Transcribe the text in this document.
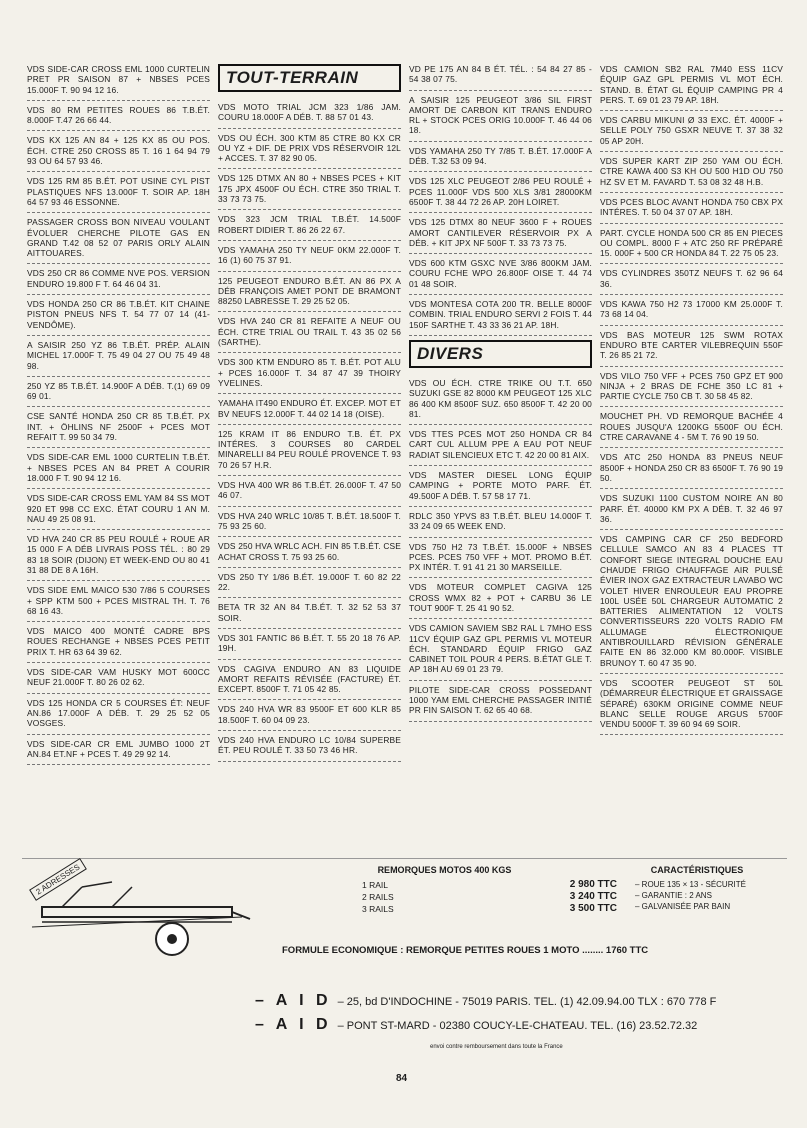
VDS SIDE-CAR CROSS EML 1000 CURTELIN PRET PR SAISON 87 + NBSES PCES 15.000F T. 90 94 12 16.
VDS 80 RM PETITES ROUES 86 T.B.ÉT. 8.000F T.47 26 66 44.
VDS KX 125 AN 84 + 125 KX 85 OU POS. ÉCH. CTRE 250 CROSS 85 T. 16 1 64 94 79 93 OU 64 57 93 46.
VDS 125 RM 85 B.ÉT. POT USINE CYL PIST PLASTIQUES NFS 13.000F T. SOIR AP. 18H 64 57 93 46 ESSONNE.
PASSAGER CROSS BON NIVEAU VOULANT ÉVOLUER CHERCHE PILOTE GAS EN GRAND T.42 08 52 07 PARIS ORLY ALAIN AITTOUARES.
VDS 250 CR 86 COMME NVE POS. VERSION ENDURO 19.800 F T. 64 46 04 31.
VDS HONDA 250 CR 86 T.B.ÉT. KIT CHAINE PISTON PNEUS NFS T. 54 77 07 14 (41-VENDÔME).
A SAISIR 250 YZ 86 T.B.ÉT. PRÉP. ALAIN MICHEL 17.000F T. 75 49 04 27 OU 75 49 48 98.
250 YZ 85 T.B.ÉT. 14.900F A DÉB. T.(1) 69 09 69 01.
CSE SANTÉ HONDA 250 CR 85 T.B.ÉT. PX INT. + ÖHLINS NF 2500F + PCES MOT REFAIT T. 99 50 34 79.
VDS SIDE-CAR EML 1000 CURTELIN T.B.ÉT. + NBSES PCES AN 84 PRET A COURIR 18.000 F T. 90 94 12 16.
VDS SIDE-CAR CROSS EML YAM 84 SS MOT 920 ET 998 CC EXC. ÉTAT COURU 1 AN M. NAU 49 25 08 91.
VD HVA 240 CR 85 PEU ROULÉ + ROUE AR 15 000 F A DÉB LIVRAIS POSS TÉL. : 80 29 83 18 SOIR (DIJON) ET WEEK-END OU 80 41 31 88 DE 8 A 16H.
VDS SIDE EML MAICO 530 7/86 5 COURSES + SPP KTM 500 + PCES MISTRAL TH. T. 76 68 16 43.
VDS MAICO 400 MONTÉ CADRE BPS ROUES RECHANGE + NBSES PCES PETIT PRIX T. HR 63 64 39 62.
VDS SIDE-CAR VAM HUSKY MOT 600CC NEUF 21.000F T. 80 26 02 62.
VDS 125 HONDA CR 5 COURSES ÉT: NEUF AN.86 17.000F A DÉB. T. 29 25 52 05 VOSGES.
VDS SIDE-CAR CR EML JUMBO 1000 2T AN.84 ET.NF + PCES T. 49 29 92 14.
TOUT-TERRAIN
VDS MOTO TRIAL JCM 323 1/86 JAM. COURU 18.000F A DÉB. T. 88 57 01 43.
VDS OU ÉCH. 300 KTM 85 CTRE 80 KX CR OU YZ + DIF. DE PRIX VDS RÉSERVOIR 12L + ACCES. T. 37 82 90 05.
VDS 125 DTMX AN 80 + NBSES PCES + KIT 175 JPX 4500F OU ÉCH. CTRE 350 TRIAL T. 33 73 73 75.
VDS 323 JCM TRIAL T.B.ÉT. 14.500F ROBERT DIDIER T. 86 26 22 67.
VDS YAMAHA 250 TY NEUF 0KM 22.000F T. 16 (1) 60 75 37 91.
125 PEUGEOT ENDURO B.ÉT. AN 86 PX A DÉB FRANÇOIS AMET PONT DE BRAMONT 88250 LABRESSE T. 29 25 52 05.
VDS HVA 240 CR 81 REFAITE A NEUF OU ÉCH. CTRE TRIAL OU TRAIL T. 43 35 02 56 (SARTHE).
VDS 300 KTM ENDURO 85 T. B.ÉT. POT ALU + PCES 16.000F T. 34 87 47 39 THOIRY YVELINES.
YAMAHA IT490 ENDURO ÉT. EXCEP. MOT ET BV NEUFS 12.000F T. 44 02 14 18 (OISE).
125 KRAM IT 86 ENDURO T.B. ÉT. PX INTÉRES. 3 COURSES 80 CARDEL MINARELLI 84 PEU ROULÉ PROVENCE T. 93 70 26 57 H.R.
VDS HVA 400 WR 86 T.B.ÉT. 26.000F T. 47 50 46 07.
VDS HVA 240 WRLC 10/85 T. B.ÉT. 18.500F T. 75 93 25 60.
VDS 250 HVA WRLC ACH. FIN 85 T.B.ÉT. CSE ACHAT CROSS T. 75 93 25 60.
VDS 250 TY 1/86 B.ÉT. 19.000F T. 60 82 22 22.
BETA TR 32 AN 84 T.B.ÉT. T. 32 52 53 37 SOIR.
VDS 301 FANTIC 86 B.ÉT. T. 55 20 18 76 AP. 19H.
VDS CAGIVA ENDURO AN 83 LIQUIDE AMORT REFAITS RÉVISÉE (FACTURE) ÉT. EXCEPT. 8500F T. 71 05 42 85.
VDS 240 HVA WR 83 9500F ET 600 KLR 85 18.500F T. 60 04 09 23.
VDS 240 HVA ENDURO LC 10/84 SUPERBE ÉT. PEU ROULÉ T. 33 50 73 46 HR.
VD PE 175 AN 84 B ÉT. TÉL. : 54 84 27 85 - 54 38 07 75.
A SAISIR 125 PEUGEOT 3/86 SIL FIRST AMORT DE CARBON KIT TRANS ENDURO RL + STOCK PCES ORIG 10.000F T. 46 44 06 18.
VDS YAMAHA 250 TY 7/85 T. B.ÉT. 17.000F A DÉB. T.32 53 09 94.
VDS 125 XLC PEUGEOT 2/86 PEU ROULÉ + PCES 11.000F VDS 500 XLS 3/81 28000KM 6500F T. 38 44 72 26 AP. 20H LOIRET.
VDS 125 DTMX 80 NEUF 3600 F + ROUES AMORT CANTILEVER RÉSERVOIR PX A DÉB. + KIT JPX NF 500F T. 33 73 73 75.
VDS 600 KTM GSXC NVE 3/86 800KM JAM. COURU FCHE WPO 26.800F OISE T. 44 74 01 48 SOIR.
VDS MONTESA COTA 200 TR. BELLE 8000F COMBIN. TRIAL ENDURO SERVI 2 FOIS T. 44 150F SARTHE T. 43 33 36 21 AP. 18H.
DIVERS
VDS OU ÉCH. CTRE TRIKE OU T.T. 650 SUZUKI GSE 82 8000 KM PEUGEOT 125 XLC 86 400 KM 8500F SUZ. 650 8500F T. 42 20 00 81.
VDS TTES PCES MOT 250 HONDA CR 84 CART CUL ALLUM PPE A EAU POT NEUF RADIAT SILENCIEUX ETC T. 42 20 00 81 AIX.
VDS MASTER DIESEL LONG ÉQUIP CAMPING + PORTE MOTO PARF. ÉT. 49.500F A DÉB. T. 57 58 17 71.
RDLC 350 YPVS 83 T.B.ÉT. BLEU 14.000F T. 33 24 09 65 WEEK END.
VDS 750 H2 73 T.B.ÉT. 15.000F + NBSES PCES. PCES 750 VFF + MOT. PROMO B.ÉT. PX INTÉR. T. 91 41 21 30 MARSEILLE.
VDS MOTEUR COMPLET CAGIVA 125 CROSS WMX 82 + POT + CARBU 36 LE TOUT 900F T. 25 41 90 52.
VDS CAMION SAVIEM SB2 RAL L 7MHO ESS 11CV ÉQUIP GAZ GPL PERMIS VL MOTEUR ÉCH. STANDARD ÉQUIP FRIGO GAZ CABINET TOIL POUR 4 PERS. B.ÉTAT GLE T. AP 18H AU 69 01 23 79.
PILOTE SIDE-CAR CROSS POSSEDANT 1000 YAM EML CHERCHE PASSAGER INITIÉ PR FIN SAISON T. 62 65 40 68.
VDS CAMION SB2 RAL 7M40 ESS 11CV ÉQUIP GAZ GPL PERMIS VL MOT ÉCH. STAND. B. ÉTAT GL ÉQUIP CAMPING PR 4 PERS. T. 69 01 23 79 AP. 18H.
VDS CARBU MIKUNI Ø 33 EXC. ÉT. 4000F + SELLE POLY 750 GSXR NEUVE T. 37 38 32 05 AP 20H.
VDS SUPER KART ZIP 250 YAM OU ÉCH. CTRE KAWA 400 S3 KH OU 500 H1D OU 750 HZ SV ET M. FAVARD T. 53 08 32 48 H.B.
VDS PCES BLOC AVANT HONDA 750 CBX PX INTÉRES. T. 50 04 37 07 AP. 18H.
PART. CYCLE HONDA 500 CR 85 EN PIECES OU COMPL. 8000 F + ATC 250 RF PRÉPARÉ 15. 000F + 500 CR HONDA 84 T. 22 75 05 23.
VDS CYLINDRES 350TZ NEUFS T. 62 96 64 36.
VDS KAWA 750 H2 73 17000 KM 25.000F T. 73 68 14 04.
VDS BAS MOTEUR 125 SWM ROTAX ENDURO BTE CARTER VILEBREQUIN 550F T. 26 85 21 72.
VDS VILO 750 VFF + PCES 750 GPZ ET 900 NINJA + 2 BRAS DE FCHE 350 LC 81 + PARTIE CYCLE 750 CB T. 30 58 45 82.
MOUCHET PH. VD REMORQUE BACHÉE 4 ROUES JUSQU'A 1200KG 5500F OU ÉCH. CTRE CARAVANE 4 - 5M T. 76 90 19 50.
VDS ATC 250 HONDA 83 PNEUS NEUF 8500F + HONDA 250 CR 83 6500F T. 76 90 19 50.
VDS SUZUKI 1100 CUSTOM NOIRE AN 80 PARF. ÉT. 40000 KM PX A DÉB. T. 32 46 97 36.
VDS CAMPING CAR CF 250 BEDFORD CELLULE SAMCO AN 83 4 PLACES TT CONFORT SIEGE INTEGRAL DOUCHE EAU CHAUDE FRIGO CHAUFFAGE AIR PULSÉ ÉVIER INOX GAZ EXTRACTEUR LAVABO WC VOLET HIVER ENROULEUR EAU PROPRE 100L USÉE 50L CHARGEUR AUTOMATIC 2 BATTERIES ALIMENTATION 12 VOLTS CONVERTISSEURS 220 VOLTS RADIO FM ALLUMAGE ÉLECTRONIQUE ANTIBROUILLARD RÉVISION GÉNÉRALE FAITE EN 86 32.000 KM 80.000F. VISIBLE BRUNOY T. 60 47 35 90.
VDS SCOOTER PEUGEOT ST 50L (DÉMARREUR ÉLECTRIQUE ET GRAISSAGE SÉPARÉ) 630KM ORIGINE COMME NEUF BLANC SELLE ROUGE ARGUS 5700F VENDU 5000F T. 39 60 94 69 SOIR.
2 ADRESSES	REMORQUES MOTOS 400 KGS
1 RAIL	2 980 TTC
2 RAILS	3 240 TTC
3 RAILS	3 500 TTC
CARACTÉRISTIQUES
– ROUE 135 × 13 - SÉCURITÉ
– GARANTIE : 2 ANS
– GALVANISÉE PAR BAIN
FORMULE ECONOMIQUE : REMORQUE PETITES ROUES 1 MOTO ........ 1760 TTC
– A I D – 25, bd D'INDOCHINE - 75019 PARIS. TEL. (1) 42.09.94.00 TLX : 670 778 F
– A I D – PONT ST-MARD - 02380 COUCY-LE-CHATEAU. TEL. (16) 23.52.72.32
envoi contre remboursement dans toute la France
84
